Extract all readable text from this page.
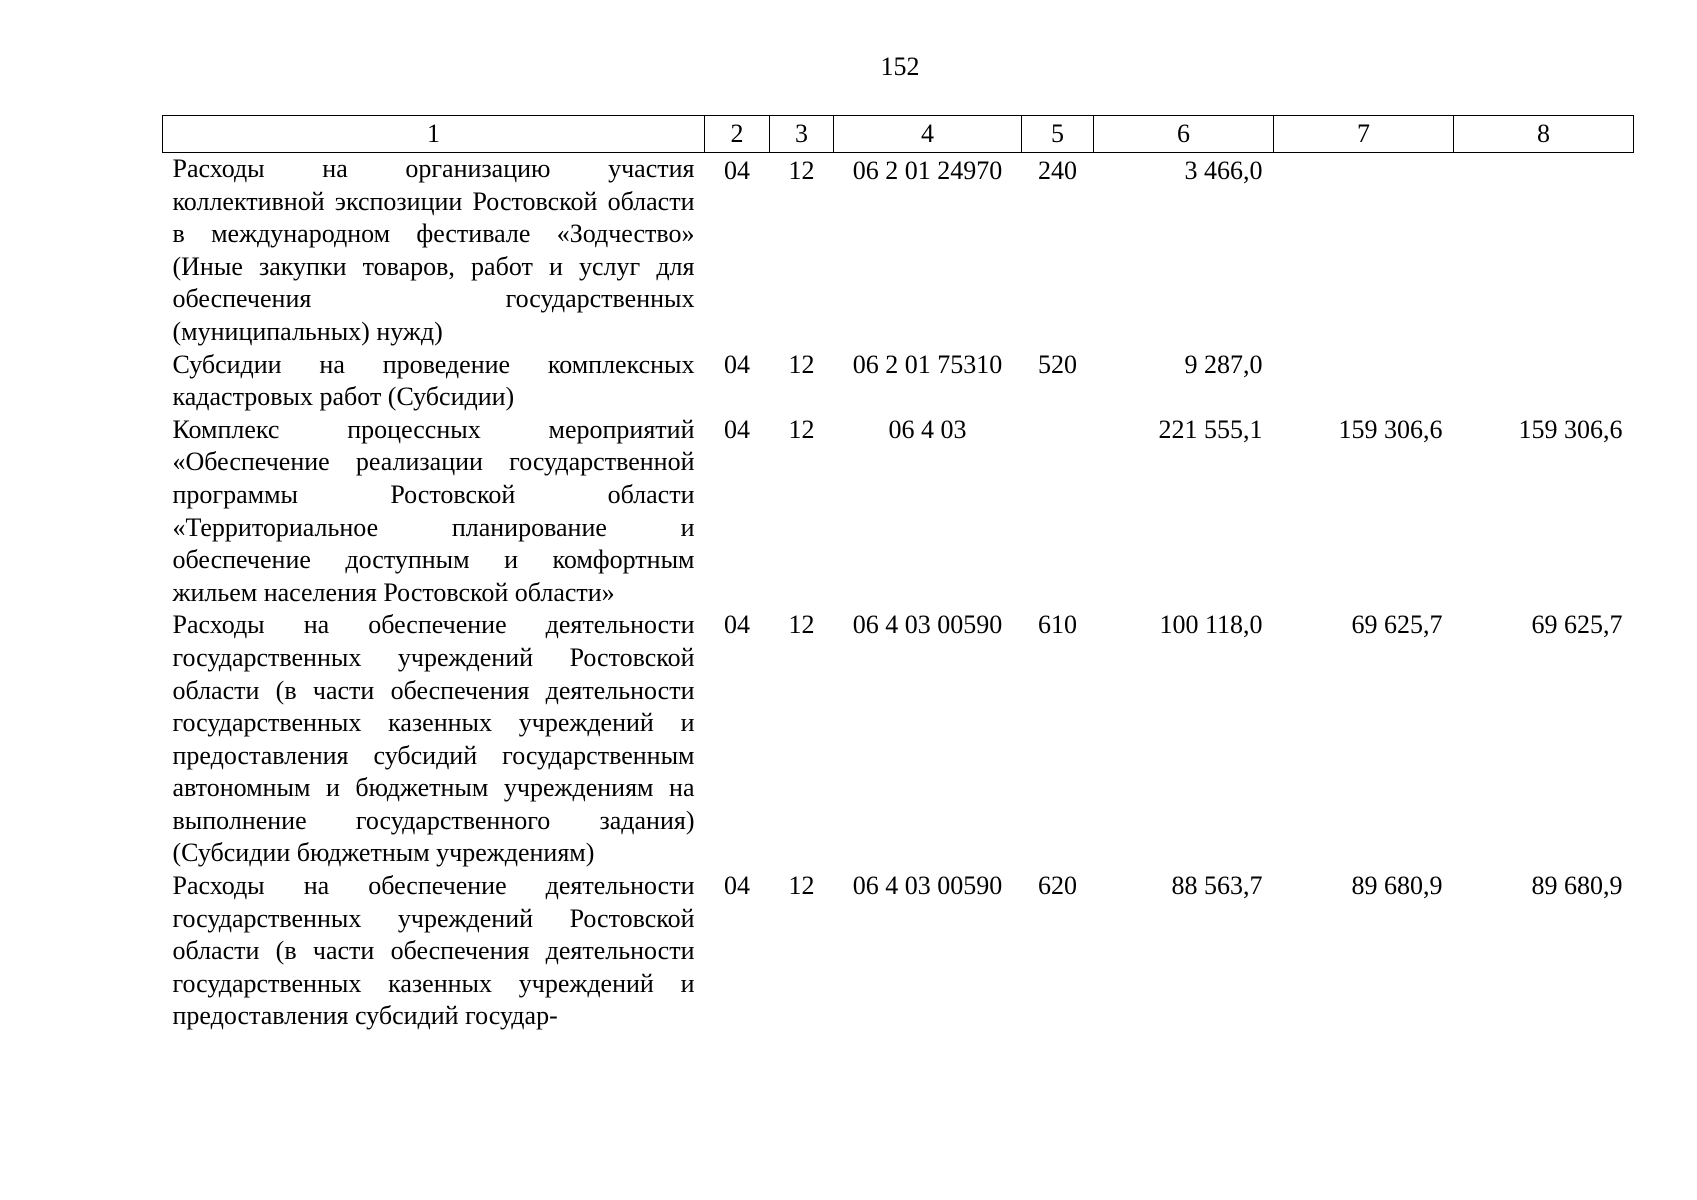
152
1	2	3	4	5	6	7	8
Расходы на организацию участия коллективной экспозиции Ростовской области в международном фестивале «Зодчество» (Иные закупки товаров, работ и услуг для обеспечения государственных (муниципальных) нужд)	04	12	06 2 01 24970	240	3 466,0		
Субсидии на проведение комплексных кадастровых работ (Субсидии)	04	12	06 2 01 75310	520	9 287,0		
Комплекс процессных мероприятий «Обеспечение реализации государственной программы Ростовской области «Территориальное планирование и обеспечение доступным и комфортным жильем населения Ростовской области»	04	12	06 4 03		221 555,1	159 306,6	159 306,6
Расходы на обеспечение деятельности государственных учреждений Ростовской области (в части обеспечения деятельности государственных казенных учреждений и предоставления субсидий государственным автономным и бюджетным учреждениям на выполнение государственного задания) (Субсидии бюджетным учреждениям)	04	12	06 4 03 00590	610	100 118,0	69 625,7	69 625,7
Расходы на обеспечение деятельности государственных учреждений Ростовской области (в части обеспечения деятельности государственных казенных учреждений и предоставления субсидий государ-	04	12	06 4 03 00590	620	88 563,7	89 680,9	89 680,9
